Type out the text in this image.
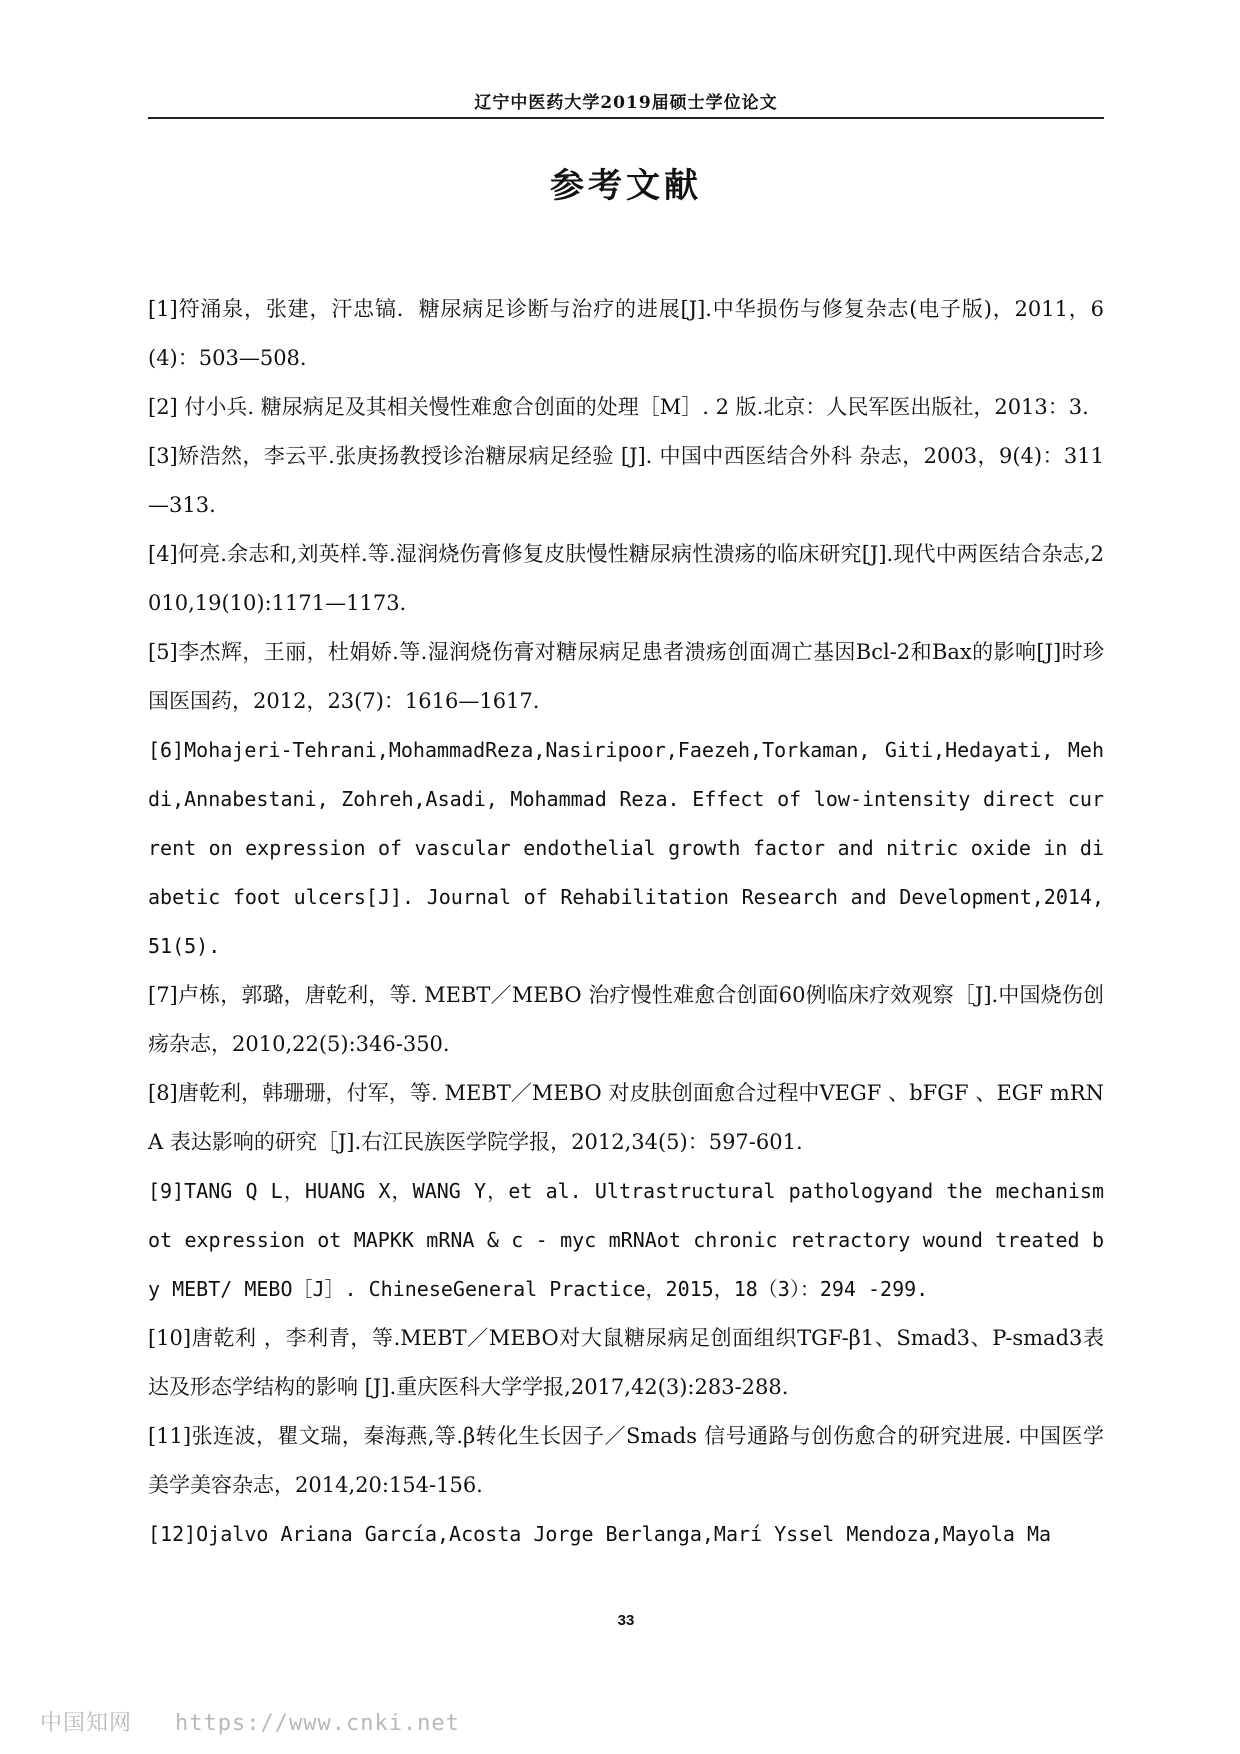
辽宁中医药大学2019届硕士学位论文
参考文献

[1]符涌泉，张建，汗忠镐．糖尿病足诊断与治疗的进展[J].中华损伤与修复杂志(电子版)，2011，6(4)：503—508.

[2] 付小兵. 糖尿病足及其相关慢性难愈合创面的处理［M］. 2 版.北京：人民军医出版社，2013：3.

[3]矫浩然，李云平.张庚扬教授诊治糖尿病足经验 [J]. 中国中西医结合外科 杂志，2003，9(4)：311—313.

[4]何亮.余志和,刘英样.等.湿润烧伤膏修复皮肤慢性糖尿病性溃疡的临床研究[J].现代中两医结合杂志,2010,19(10):1171—1173.

[5]李杰辉，王丽，杜娟娇.等.湿润烧伤膏对糖尿病足患者溃疡创面凋亡基因Bcl-2和Bax的影响[J]时珍国医国药，2012，23(7)：1616—1617.

[6]Mohajeri-Tehrani,MohammadReza,Nasiripoor,Faezeh,Torkaman, Giti,Hedayati, Mehdi,Annabestani, Zohreh,Asadi, Mohammad Reza. Effect of low-intensity direct current on expression of vascular endothelial growth factor and nitric oxide in diabetic foot ulcers[J]. Journal of Rehabilitation Research and Development,2014,51(5).

[7]卢栋，郭璐，唐乾利，等. MEBT／MEBO 治疗慢性难愈合创面60例临床疗效观察［J].中国烧伤创疡杂志，2010,22(5):346-350.

[8]唐乾利，韩珊珊，付军，等. MEBT／MEBO 对皮肤创面愈合过程中VEGF 、bFGF 、EGF mRNA 表达影响的研究［J].右江民族医学院学报，2012,34(5)：597-601.

[9]TANG Q L，HUANG X，WANG Y，et al. Ultrastructural pathologyand the mechanism ot expression ot MAPKK mRNA & c - myc mRNAot chronic retractory wound treated by MEBT/ MEBO［J］. ChineseGeneral Practice，2015，18（3）：294 -299.

[10]唐乾利 ，李利青，等.MEBT／MEBO对大鼠糖尿病足创面组织TGF-β1、Smad3、P-smad3表达及形态学结构的影响 [J].重庆医科大学学报,2017,42(3):283-288.

[11]张连波，瞿文瑞，秦海燕,等.β转化生长因子／Smads 信号通路与创伤愈合的研究进展. 中国医学美学美容杂志，2014,20:154-156.

[12]Ojalvo Ariana García,Acosta Jorge Berlanga,Marí Yssel Mendoza,Mayola Ma

33
中国知网 https://www.cnki.net
